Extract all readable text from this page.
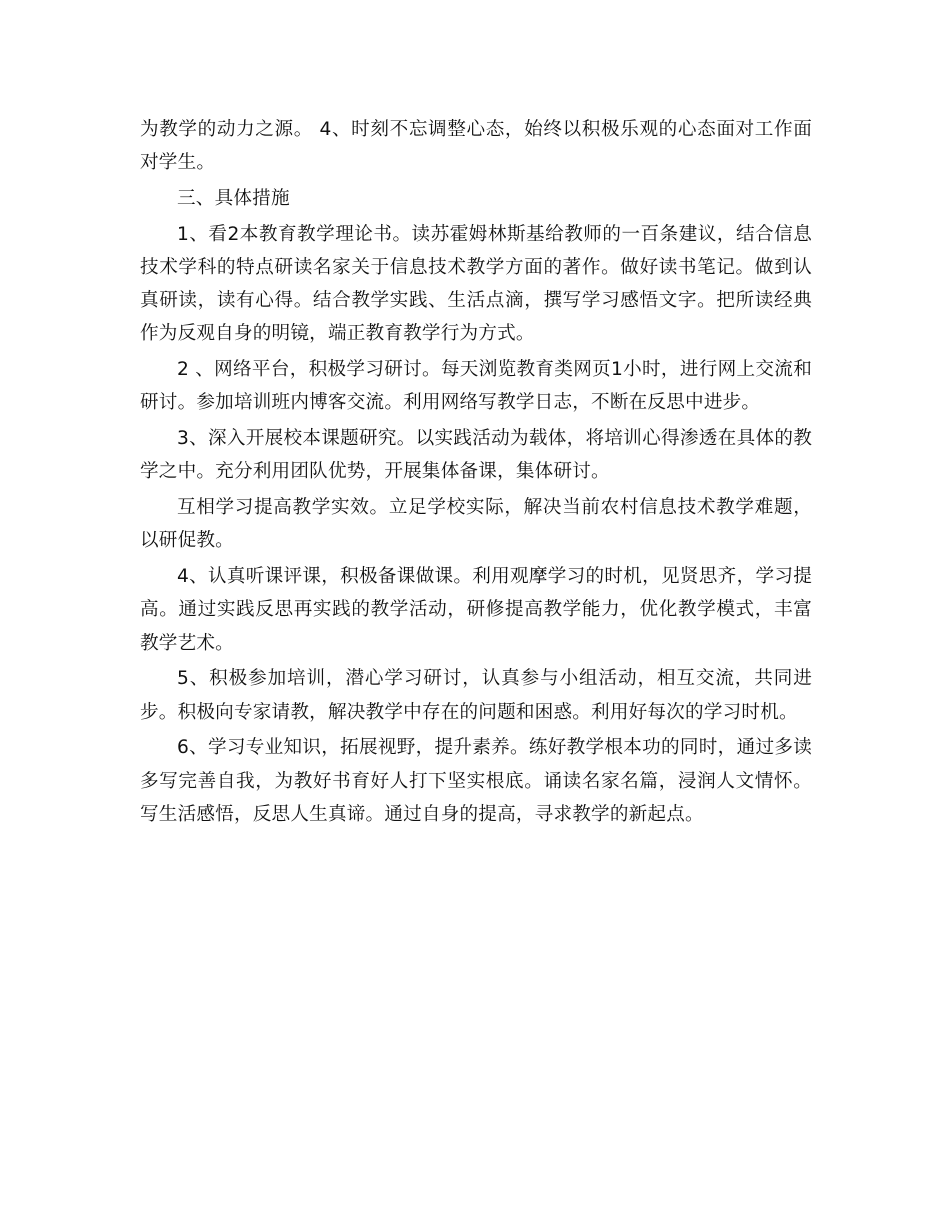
为教学的动力之源。 4、时刻不忘调整心态，始终以积极乐观的心态面对工作面对学生。

三、具体措施

1、看2本教育教学理论书。读苏霍姆林斯基给教师的一百条建议，结合信息技术学科的特点研读名家关于信息技术教学方面的著作。做好读书笔记。做到认真研读，读有心得。结合教学实践、生活点滴，撰写学习感悟文字。把所读经典作为反观自身的明镜，端正教育教学行为方式。

2 、网络平台，积极学习研讨。每天浏览教育类网页1小时，进行网上交流和研讨。参加培训班内博客交流。利用网络写教学日志，不断在反思中进步。

3、深入开展校本课题研究。以实践活动为载体，将培训心得渗透在具体的教学之中。充分利用团队优势，开展集体备课，集体研讨。

互相学习提高教学实效。立足学校实际，解决当前农村信息技术教学难题，以研促教。

4、认真听课评课，积极备课做课。利用观摩学习的时机，见贤思齐，学习提高。通过实践反思再实践的教学活动，研修提高教学能力，优化教学模式，丰富教学艺术。

5、积极参加培训，潜心学习研讨，认真参与小组活动，相互交流，共同进步。积极向专家请教，解决教学中存在的问题和困惑。利用好每次的学习时机。

6、学习专业知识，拓展视野，提升素养。练好教学根本功的同时，通过多读多写完善自我，为教好书育好人打下坚实根底。诵读名家名篇，浸润人文情怀。写生活感悟，反思人生真谛。通过自身的提高，寻求教学的新起点。
